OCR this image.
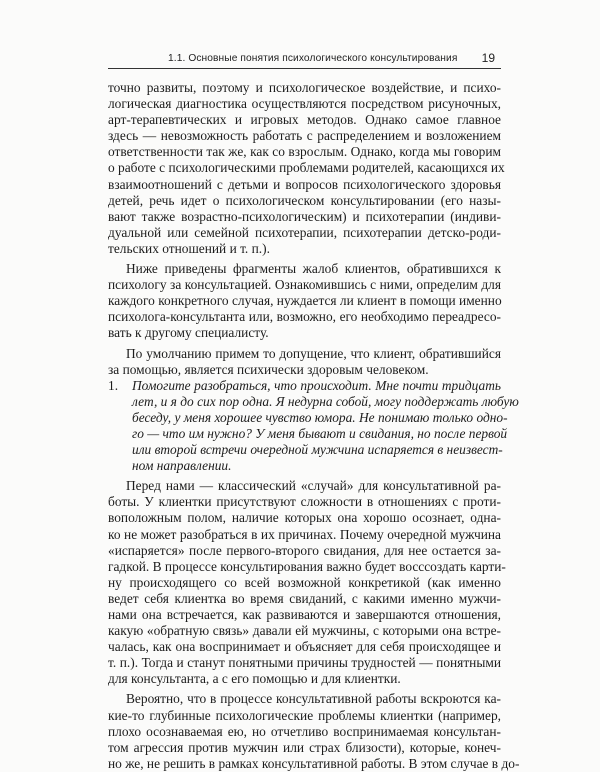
1.1. Основные понятия психологического консультирования 19
точно развиты, поэтому и психологическое воздействие, и психо-
логическая диагностика осуществляются посредством рисуночных,
арт-терапевтических и игровых методов. Однако самое главное
здесь — невозможность работать с распределением и возложением
ответственности так же, как со взрослым. Однако, когда мы говорим
о работе с психологическими проблемами родителей, касающихся их
взаимоотношений с детьми и вопросов психологического здоровья
детей, речь идет о психологическом консультировании (его назы-
вают также возрастно-психологическим) и психотерапии (индиви-
дуальной или семейной психотерапии, психотерапии детско-роди-
тельских отношений и т. п.).
Ниже приведены фрагменты жалоб клиентов, обратившихся к
психологу за консультацией. Ознакомившись с ними, определим для
каждого конкретного случая, нуждается ли клиент в помощи именно
психолога-консультанта или, возможно, его необходимо переадресо-
вать к другому специалисту.
По умолчанию примем то допущение, что клиент, обратившийся
за помощью, является психически здоровым человеком.
1. Помогите разобраться, что происходит. Мне почти тридцать
лет, и я до сих пор одна. Я недурна собой, могу поддержать любую
беседу, у меня хорошее чувство юмора. Не понимаю только одно-
го — что им нужно? У меня бывают и свидания, но после первой
или второй встречи очередной мужчина испаряется в неизвест-
ном направлении.
Перед нами — классический «случай» для консультативной ра-
боты. У клиентки присутствуют сложности в отношениях с проти-
воположным полом, наличие которых она хорошо осознает, одна-
ко не может разобраться в их причинах. Почему очередной мужчина
«испаряется» после первого-второго свидания, для нее остается за-
гадкой. В процессе консультирования важно будет восссоздать карти-
ну происходящего со всей возможной конкретикой (как именно
ведет себя клиентка во время свиданий, с какими именно мужчи-
нами она встречается, как развиваются и завершаются отношения,
какую «обратную связь» давали ей мужчины, с которыми она встре-
чалась, как она воспринимает и объясняет для себя происходящее и
т. п.). Тогда и станут понятными причины трудностей — понятными
для консультанта, а с его помощью и для клиентки.
Вероятно, что в процессе консультативной работы вскроются ка-
кие-то глубинные психологические проблемы клиентки (например,
плохо осознаваемая ею, но отчетливо воспринимаемая консультан-
том агрессия против мужчин или страх близости), которые, конеч-
но же, не решить в рамках консультативной работы. В этом случае в до-
